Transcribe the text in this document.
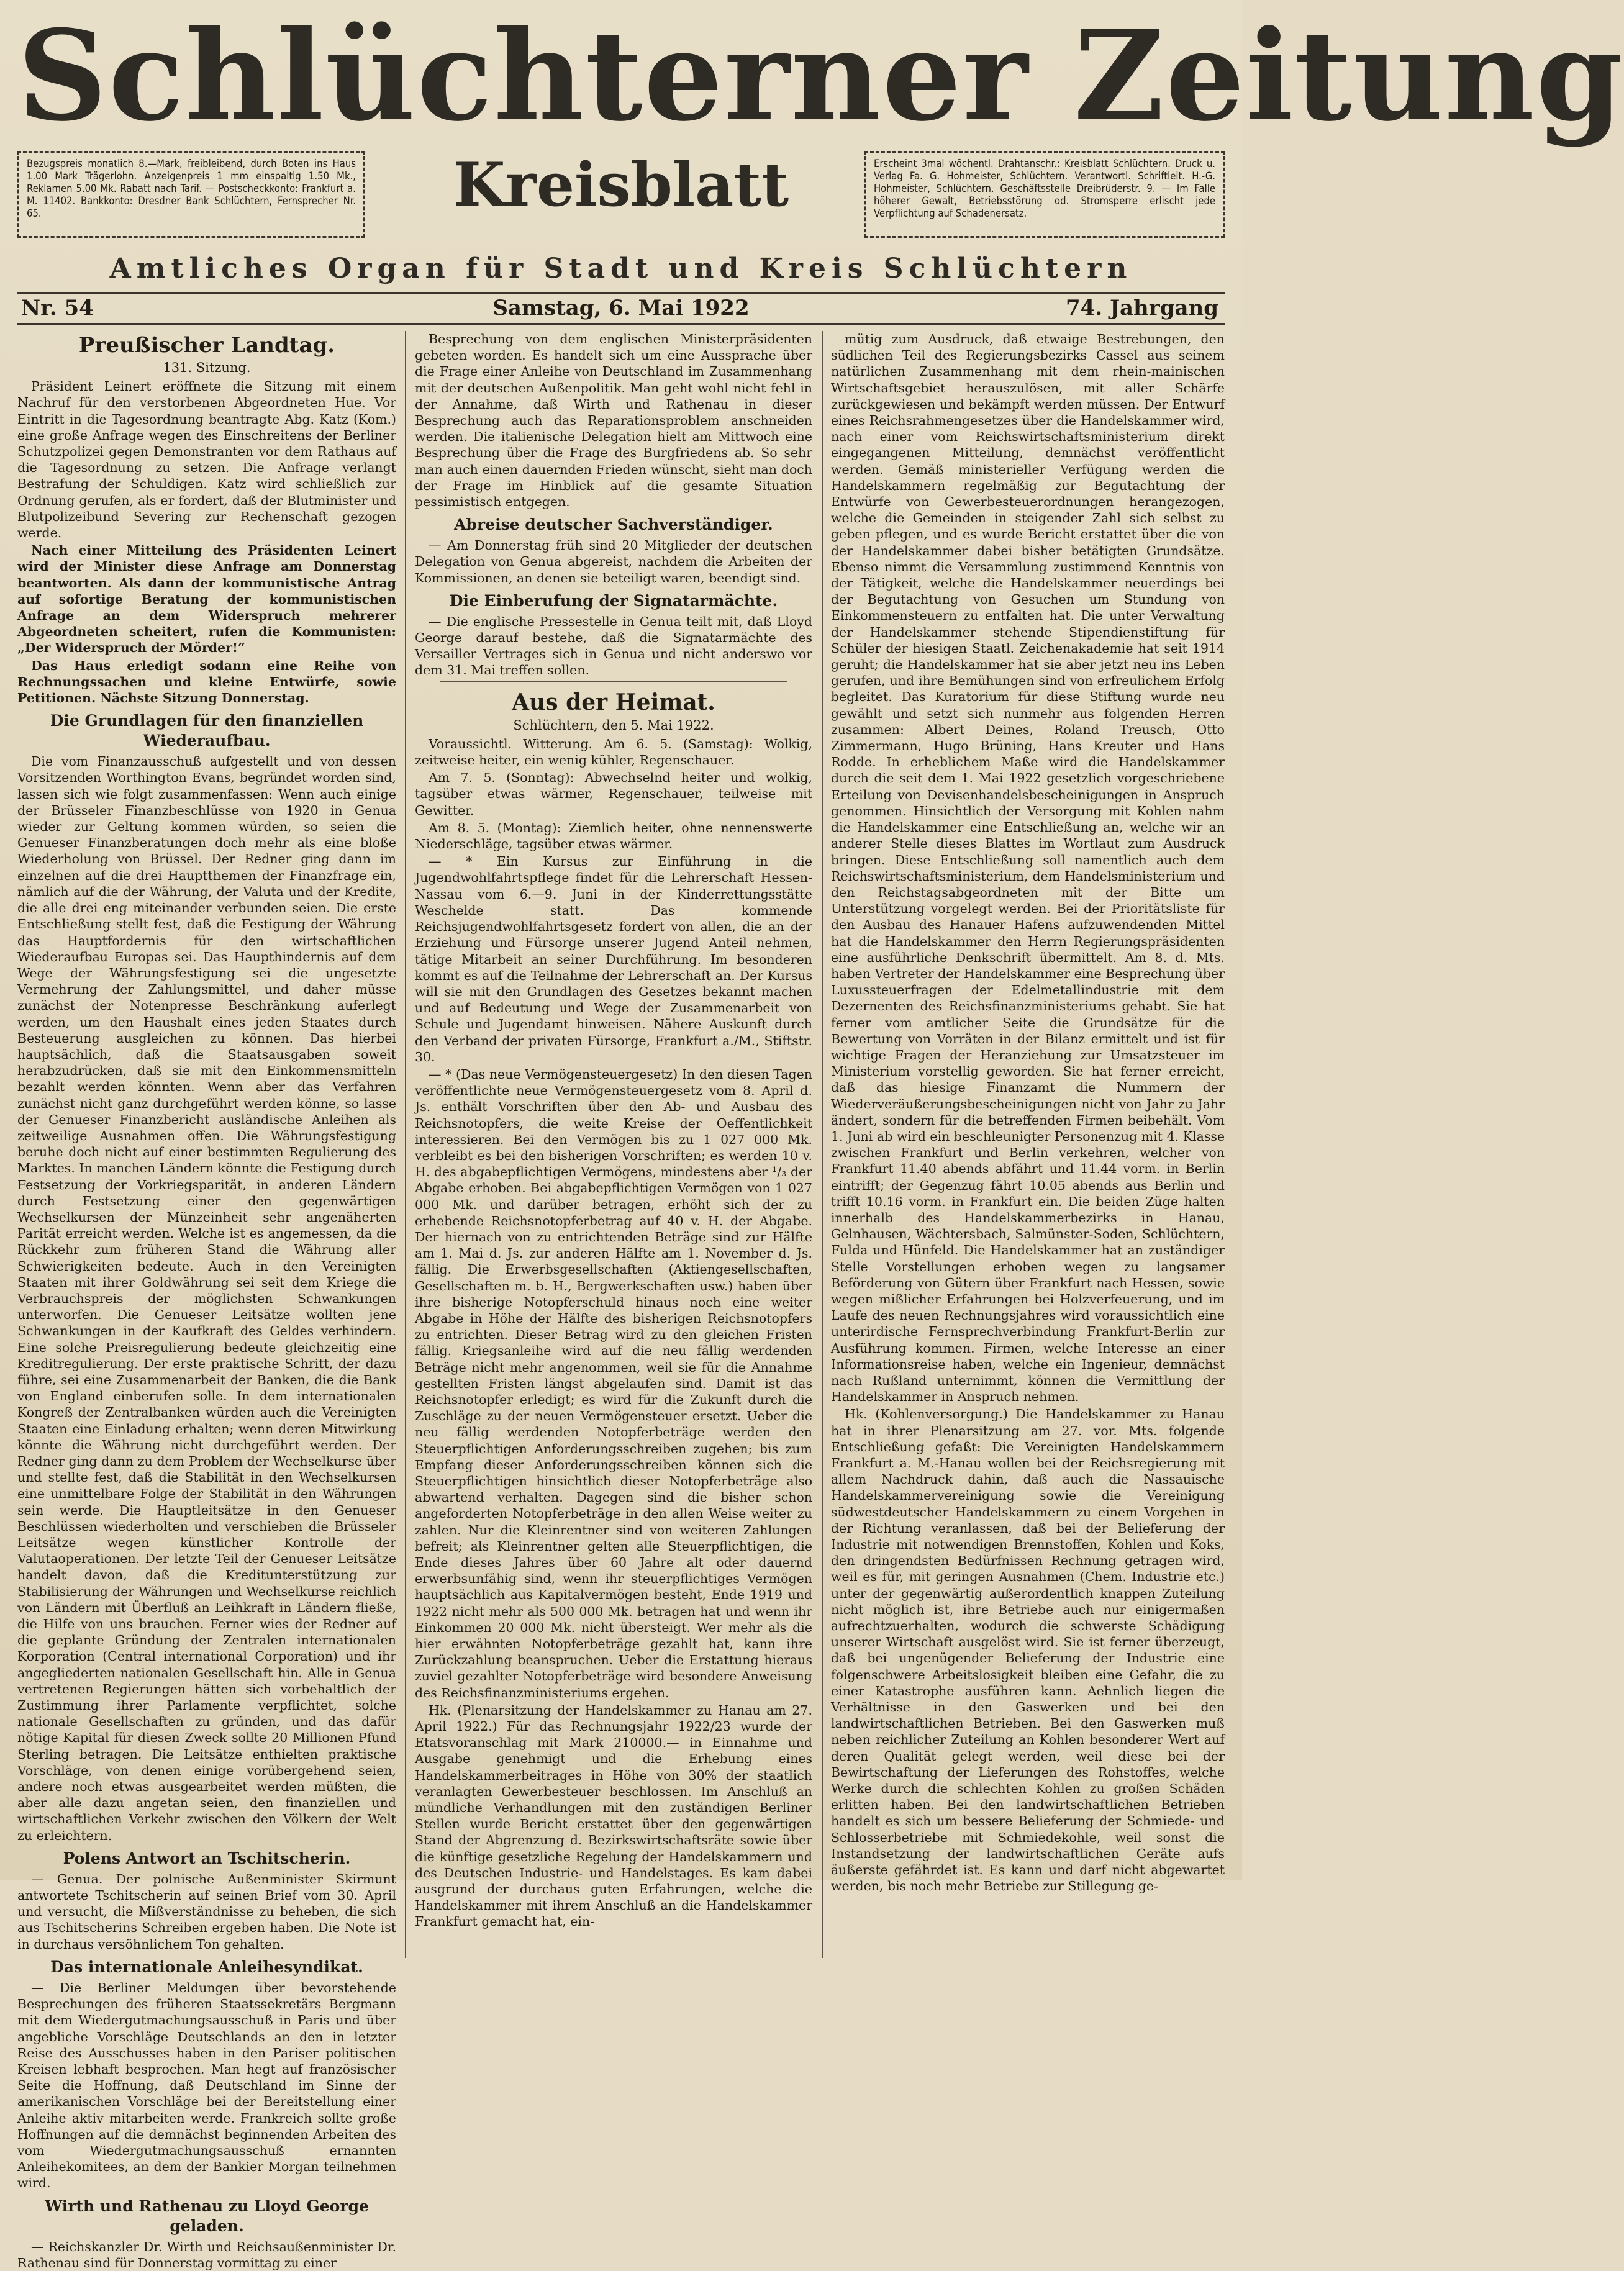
Schlüchterner Zeitung
Bezugspreis monatlich 8.—Mark, freibleibend, durch Boten ins Haus 1.00 Mark Trägerlohn. Anzeigenpreis 1 mm einspaltig 1.50 Mk., Reklamen 5.00 Mk. Rabatt nach Tarif. — Postscheckkonto: Frankfurt a. M. 11402. Bankkonto: Dresdner Bank Schlüchtern, Fernsprecher Nr. 65.	Kreisblatt	Erscheint 3mal wöchentl. Drahtanschr.: Kreisblatt Schlüchtern. Druck u. Verlag Fa. G. Hohmeister, Schlüchtern. Verantwortl. Schriftleit. H.-G. Hohmeister, Schlüchtern. Geschäftsstelle Dreibrüderstr. 9. — Im Falle höherer Gewalt, Betriebsstörung od. Stromsperre erlischt jede Verpflichtung auf Schadenersatz.
Amtliches Organ für Stadt und Kreis Schlüchtern
Nr. 54	Samstag, 6. Mai 1922	74. Jahrgang
Preußischer Landtag.
131. Sitzung.

Präsident Leinert eröffnete die Sitzung mit einem Nachruf für den verstorbenen Abgeordneten Hue. Vor Eintritt in die Tagesordnung beantragte Abg. Katz (Kom.) eine große Anfrage wegen des Einschreitens der Berliner Schutzpolizei gegen Demonstranten vor dem Rathaus auf die Tagesordnung zu setzen. Die Anfrage verlangt Bestrafung der Schuldigen. Katz wird schließlich zur Ordnung gerufen, als er fordert, daß der Blutminister und Blutpolizeibund Severing zur Rechenschaft gezogen werde.

Nach einer Mitteilung des Präsidenten Leinert wird der Minister diese Anfrage am Donnerstag beantworten. Als dann der kommunistische Antrag auf sofortige Beratung der kommunistischen Anfrage an dem Widerspruch mehrerer Abgeordneten scheitert, rufen die Kommunisten: „Der Widerspruch der Mörder!“

Das Haus erledigt sodann eine Reihe von Rechnungssachen und kleine Entwürfe, sowie Petitionen. Nächste Sitzung Donnerstag.

Die Grundlagen für den finanziellen Wiederaufbau.

Die vom Finanzausschuß aufgestellt und von dessen Vorsitzenden Worthington Evans, begründet worden sind, lassen sich wie folgt zusammenfassen: Wenn auch einige der Brüsseler Finanzbeschlüsse von 1920 in Genua wieder zur Geltung kommen würden, so seien die Genueser Finanzberatungen doch mehr als eine bloße Wiederholung von Brüssel. Der Redner ging dann im einzelnen auf die drei Hauptthemen der Finanzfrage ein, nämlich auf die der Währung, der Valuta und der Kredite, die alle drei eng miteinander verbunden seien. Die erste Entschließung stellt fest, daß die Festigung der Währung das Hauptfordernis für den wirtschaftlichen Wiederaufbau Europas sei. Das Haupthindernis auf dem Wege der Währungsfestigung sei die ungesetzte Vermehrung der Zahlungsmittel, und daher müsse zunächst der Notenpresse Beschränkung auferlegt werden, um den Haushalt eines jeden Staates durch Besteuerung ausgleichen zu können. Das hierbei hauptsächlich, daß die Staatsausgaben soweit herabzudrücken, daß sie mit den Einkommensmitteln bezahlt werden könnten. Wenn aber das Verfahren zunächst nicht ganz durchgeführt werden könne, so lasse der Genueser Finanzbericht ausländische Anleihen als zeitweilige Ausnahmen offen. Die Währungsfestigung beruhe doch nicht auf einer bestimmten Regulierung des Marktes. In manchen Ländern könnte die Festigung durch Festsetzung der Vorkriegsparität, in anderen Ländern durch Festsetzung einer den gegenwärtigen Wechselkursen der Münzeinheit sehr angenäherten Parität erreicht werden. Welche ist es angemessen, da die Rückkehr zum früheren Stand die Währung aller Schwierigkeiten bedeute. Auch in den Vereinigten Staaten mit ihrer Goldwährung sei seit dem Kriege die Verbrauchspreis der möglichsten Schwankungen unterworfen. Die Genueser Leitsätze wollten jene Schwankungen in der Kaufkraft des Geldes verhindern. Eine solche Preisregulierung bedeute gleichzeitig eine Kreditregulierung. Der erste praktische Schritt, der dazu führe, sei eine Zusammenarbeit der Banken, die die Bank von England einberufen solle. In dem internationalen Kongreß der Zentralbanken würden auch die Vereinigten Staaten eine Einladung erhalten; wenn deren Mitwirkung könnte die Währung nicht durchgeführt werden. Der Redner ging dann zu dem Problem der Wechselkurse über und stellte fest, daß die Stabilität in den Wechselkursen eine unmittelbare Folge der Stabilität in den Währungen sein werde. Die Hauptleitsätze in den Genueser Beschlüssen wiederholten und verschieben die Brüsseler Leitsätze wegen künstlicher Kontrolle der Valutaoperationen. Der letzte Teil der Genueser Leitsätze handelt davon, daß die Kreditunterstützung zur Stabilisierung der Währungen und Wechselkurse reichlich von Ländern mit Überfluß an Leihkraft in Ländern fließe, die Hilfe von uns brauchen. Ferner wies der Redner auf die geplante Gründung der Zentralen internationalen Korporation (Central international Corporation) und ihr angegliederten nationalen Gesellschaft hin. Alle in Genua vertretenen Regierungen hätten sich vorbehaltlich der Zustimmung ihrer Parlamente verpflichtet, solche nationale Gesellschaften zu gründen, und das dafür nötige Kapital für diesen Zweck sollte 20 Millionen Pfund Sterling betragen. Die Leitsätze enthielten praktische Vorschläge, von denen einige vorübergehend seien, andere noch etwas ausgearbeitet werden müßten, die aber alle dazu angetan seien, den finanziellen und wirtschaftlichen Verkehr zwischen den Völkern der Welt zu erleichtern.

Polens Antwort an Tschitscherin.

— Genua. Der polnische Außenminister Skirmunt antwortete Tschitscherin auf seinen Brief vom 30. April und versucht, die Mißverständnisse zu beheben, die sich aus Tschitscherins Schreiben ergeben haben. Die Note ist in durchaus versöhnlichem Ton gehalten.

Das internationale Anleihesyndikat.

— Die Berliner Meldungen über bevorstehende Besprechungen des früheren Staatssekretärs Bergmann mit dem Wiedergutmachungsausschuß in Paris und über angebliche Vorschläge Deutschlands an den in letzter Reise des Ausschusses haben in den Pariser politischen Kreisen lebhaft besprochen. Man hegt auf französischer Seite die Hoffnung, daß Deutschland im Sinne der amerikanischen Vorschläge bei der Bereitstellung einer Anleihe aktiv mitarbeiten werde. Frankreich sollte große Hoffnungen auf die demnächst beginnenden Arbeiten des vom Wiedergutmachungsausschuß ernannten Anleihekomitees, an dem der Bankier Morgan teilnehmen wird.

Wirth und Rathenau zu Lloyd George geladen.

— Reichskanzler Dr. Wirth und Reichsaußenminister Dr. Rathenau sind für Donnerstag vormittag zu einer

Besprechung von dem englischen Ministerpräsidenten gebeten worden. Es handelt sich um eine Aussprache über die Frage einer Anleihe von Deutschland im Zusammenhang mit der deutschen Außenpolitik. Man geht wohl nicht fehl in der Annahme, daß Wirth und Rathenau in dieser Besprechung auch das Reparationsproblem anschneiden werden. Die italienische Delegation hielt am Mittwoch eine Besprechung über die Frage des Burgfriedens ab. So sehr man auch einen dauernden Frieden wünscht, sieht man doch der Frage im Hinblick auf die gesamte Situation pessimistisch entgegen.

Abreise deutscher Sachverständiger.

— Am Donnerstag früh sind 20 Mitglieder der deutschen Delegation von Genua abgereist, nachdem die Arbeiten der Kommissionen, an denen sie beteiligt waren, beendigt sind.

Die Einberufung der Signatarmächte.

— Die englische Pressestelle in Genua teilt mit, daß Lloyd George darauf bestehe, daß die Signatarmächte des Versailler Vertrages sich in Genua und nicht anderswo vor dem 31. Mai treffen sollen.

Aus der Heimat.
Schlüchtern, den 5. Mai 1922.

Voraussichtl. Witterung. Am 6. 5. (Samstag): Wolkig, zeitweise heiter, ein wenig kühler, Regenschauer.

Am 7. 5. (Sonntag): Abwechselnd heiter und wolkig, tagsüber etwas wärmer, Regenschauer, teilweise mit Gewitter.

Am 8. 5. (Montag): Ziemlich heiter, ohne nennenswerte Niederschläge, tagsüber etwas wärmer.

— * Ein Kursus zur Einführung in die Jugendwohlfahrtspflege findet für die Lehrerschaft Hessen-Nassau vom 6.—9. Juni in der Kinderrettungsstätte Weschelde statt. Das kommende Reichsjugendwohlfahrtsgesetz fordert von allen, die an der Erziehung und Fürsorge unserer Jugend Anteil nehmen, tätige Mitarbeit an seiner Durchführung. Im besonderen kommt es auf die Teilnahme der Lehrerschaft an. Der Kursus will sie mit den Grundlagen des Gesetzes bekannt machen und auf Bedeutung und Wege der Zusammenarbeit von Schule und Jugendamt hinweisen. Nähere Auskunft durch den Verband der privaten Fürsorge, Frankfurt a./M., Stiftstr. 30.

— * (Das neue Vermögensteuergesetz) In den diesen Tagen veröffentlichte neue Vermögensteuergesetz vom 8. April d. Js. enthält Vorschriften über den Ab- und Ausbau des Reichsnotopfers, die weite Kreise der Oeffentlichkeit interessieren. Bei den Vermögen bis zu 1 027 000 Mk. verbleibt es bei den bisherigen Vorschriften; es werden 10 v. H. des abgabepflichtigen Vermögens, mindestens aber ¹/₃ der Abgabe erhoben. Bei abgabepflichtigen Vermögen von 1 027 000 Mk. und darüber betragen, erhöht sich der zu erhebende Reichsnotopferbetrag auf 40 v. H. der Abgabe. Der hiernach von zu entrichtenden Beträge sind zur Hälfte am 1. Mai d. Js. zur anderen Hälfte am 1. November d. Js. fällig. Die Erwerbsgesellschaften (Aktiengesellschaften, Gesellschaften m. b. H., Bergwerkschaften usw.) haben über ihre bisherige Notopferschuld hinaus noch eine weiter Abgabe in Höhe der Hälfte des bisherigen Reichsnotopfers zu entrichten. Dieser Betrag wird zu den gleichen Fristen fällig. Kriegsanleihe wird auf die neu fällig werdenden Beträge nicht mehr angenommen, weil sie für die Annahme gestellten Fristen längst abgelaufen sind. Damit ist das Reichsnotopfer erledigt; es wird für die Zukunft durch die Zuschläge zu der neuen Vermögensteuer ersetzt. Ueber die neu fällig werdenden Notopferbeträge werden den Steuerpflichtigen Anforderungsschreiben zugehen; bis zum Empfang dieser Anforderungsschreiben können sich die Steuerpflichtigen hinsichtlich dieser Notopferbeträge also abwartend verhalten. Dagegen sind die bisher schon angeforderten Notopferbeträge in den allen Weise weiter zu zahlen. Nur die Kleinrentner sind von weiteren Zahlungen befreit; als Kleinrentner gelten alle Steuerpflichtigen, die Ende dieses Jahres über 60 Jahre alt oder dauernd erwerbsunfähig sind, wenn ihr steuerpflichtiges Vermögen hauptsächlich aus Kapitalvermögen besteht, Ende 1919 und 1922 nicht mehr als 500 000 Mk. betragen hat und wenn ihr Einkommen 20 000 Mk. nicht übersteigt. Wer mehr als die hier erwähnten Notopferbeträge gezahlt hat, kann ihre Zurückzahlung beanspruchen. Ueber die Erstattung hieraus zuviel gezahlter Notopferbeträge wird besondere Anweisung des Reichsfinanzministeriums ergehen.

Hk. (Plenarsitzung der Handelskammer zu Hanau am 27. April 1922.) Für das Rechnungsjahr 1922/23 wurde der Etatsvoranschlag mit Mark 210000.— in Einnahme und Ausgabe genehmigt und die Erhebung eines Handelskammerbeitrages in Höhe von 30% der staatlich veranlagten Gewerbesteuer beschlossen. Im Anschluß an mündliche Verhandlungen mit den zuständigen Berliner Stellen wurde Bericht erstattet über den gegenwärtigen Stand der Abgrenzung d. Bezirkswirtschaftsräte sowie über die künftige gesetzliche Regelung der Handelskammern und des Deutschen Industrie- und Handelstages. Es kam dabei ausgrund der durchaus guten Erfahrungen, welche die Handelskammer mit ihrem Anschluß an die Handelskammer Frankfurt gemacht hat, ein-

mütig zum Ausdruck, daß etwaige Bestrebungen, den südlichen Teil des Regierungsbezirks Cassel aus seinem natürlichen Zusammenhang mit dem rhein-mainischen Wirtschaftsgebiet herauszulösen, mit aller Schärfe zurückgewiesen und bekämpft werden müssen. Der Entwurf eines Reichsrahmengesetzes über die Handelskammer wird, nach einer vom Reichswirtschaftsministerium direkt eingegangenen Mitteilung, demnächst veröffentlicht werden. Gemäß ministerieller Verfügung werden die Handelskammern regelmäßig zur Begutachtung der Entwürfe von Gewerbesteuerordnungen herangezogen, welche die Gemeinden in steigender Zahl sich selbst zu geben pflegen, und es wurde Bericht erstattet über die von der Handelskammer dabei bisher betätigten Grundsätze. Ebenso nimmt die Versammlung zustimmend Kenntnis von der Tätigkeit, welche die Handelskammer neuerdings bei der Begutachtung von Gesuchen um Stundung von Einkommensteuern zu entfalten hat. Die unter Verwaltung der Handelskammer stehende Stipendienstiftung für Schüler der hiesigen Staatl. Zeichenakademie hat seit 1914 geruht; die Handelskammer hat sie aber jetzt neu ins Leben gerufen, und ihre Bemühungen sind von erfreulichem Erfolg begleitet. Das Kuratorium für diese Stiftung wurde neu gewählt und setzt sich nunmehr aus folgenden Herren zusammen: Albert Deines, Roland Treusch, Otto Zimmermann, Hugo Brüning, Hans Kreuter und Hans Rodde. In erheblichem Maße wird die Handelskammer durch die seit dem 1. Mai 1922 gesetzlich vorgeschriebene Erteilung von Devisenhandelsbescheinigungen in Anspruch genommen. Hinsichtlich der Versorgung mit Kohlen nahm die Handelskammer eine Entschließung an, welche wir an anderer Stelle dieses Blattes im Wortlaut zum Ausdruck bringen. Diese Entschließung soll namentlich auch dem Reichswirtschaftsministerium, dem Handelsministerium und den Reichstagsabgeordneten mit der Bitte um Unterstützung vorgelegt werden. Bei der Prioritätsliste für den Ausbau des Hanauer Hafens aufzuwendenden Mittel hat die Handelskammer den Herrn Regierungspräsidenten eine ausführliche Denkschrift übermittelt. Am 8. d. Mts. haben Vertreter der Handelskammer eine Besprechung über Luxussteuerfragen der Edelmetallindustrie mit dem Dezernenten des Reichsfinanzministeriums gehabt. Sie hat ferner vom amtlicher Seite die Grundsätze für die Bewertung von Vorräten in der Bilanz ermittelt und ist für wichtige Fragen der Heranziehung zur Umsatzsteuer im Ministerium vorstellig geworden. Sie hat ferner erreicht, daß das hiesige Finanzamt die Nummern der Wiederveräußerungsbescheinigungen nicht von Jahr zu Jahr ändert, sondern für die betreffenden Firmen beibehält. Vom 1. Juni ab wird ein beschleunigter Personenzug mit 4. Klasse zwischen Frankfurt und Berlin verkehren, welcher von Frankfurt 11.40 abends abfährt und 11.44 vorm. in Berlin eintrifft; der Gegenzug fährt 10.05 abends aus Berlin und trifft 10.16 vorm. in Frankfurt ein. Die beiden Züge halten innerhalb des Handelskammerbezirks in Hanau, Gelnhausen, Wächtersbach, Salmünster-Soden, Schlüchtern, Fulda und Hünfeld. Die Handelskammer hat an zuständiger Stelle Vorstellungen erhoben wegen zu langsamer Beförderung von Gütern über Frankfurt nach Hessen, sowie wegen mißlicher Erfahrungen bei Holzverfeuerung, und im Laufe des neuen Rechnungsjahres wird voraussichtlich eine unterirdische Fernsprechverbindung Frankfurt-Berlin zur Ausführung kommen. Firmen, welche Interesse an einer Informationsreise haben, welche ein Ingenieur, demnächst nach Rußland unternimmt, können die Vermittlung der Handelskammer in Anspruch nehmen.

Hk. (Kohlenversorgung.) Die Handelskammer zu Hanau hat in ihrer Plenarsitzung am 27. vor. Mts. folgende Entschließung gefaßt: Die Vereinigten Handelskammern Frankfurt a. M.-Hanau wollen bei der Reichsregierung mit allem Nachdruck dahin, daß auch die Nassauische Handelskammervereinigung sowie die Vereinigung südwestdeutscher Handelskammern zu einem Vorgehen in der Richtung veranlassen, daß bei der Belieferung der Industrie mit notwendigen Brennstoffen, Kohlen und Koks, den dringendsten Bedürfnissen Rechnung getragen wird, weil es für, mit geringen Ausnahmen (Chem. Industrie etc.) unter der gegenwärtig außerordentlich knappen Zuteilung nicht möglich ist, ihre Betriebe auch nur einigermaßen aufrechtzuerhalten, wodurch die schwerste Schädigung unserer Wirtschaft ausgelöst wird. Sie ist ferner überzeugt, daß bei ungenügender Belieferung der Industrie eine folgenschwere Arbeitslosigkeit bleiben eine Gefahr, die zu einer Katastrophe ausführen kann. Aehnlich liegen die Verhältnisse in den Gaswerken und bei den landwirtschaftlichen Betrieben. Bei den Gaswerken muß neben reichlicher Zuteilung an Kohlen besonderer Wert auf deren Qualität gelegt werden, weil diese bei der Bewirtschaftung der Lieferungen des Rohstoffes, welche Werke durch die schlechten Kohlen zu großen Schäden erlitten haben. Bei den landwirtschaftlichen Betrieben handelt es sich um bessere Belieferung der Schmiede- und Schlosserbetriebe mit Schmiedekohle, weil sonst die Instandsetzung der landwirtschaftlichen Geräte aufs äußerste gefährdet ist. Es kann und darf nicht abgewartet werden, bis noch mehr Betriebe zur Stillegung ge-
